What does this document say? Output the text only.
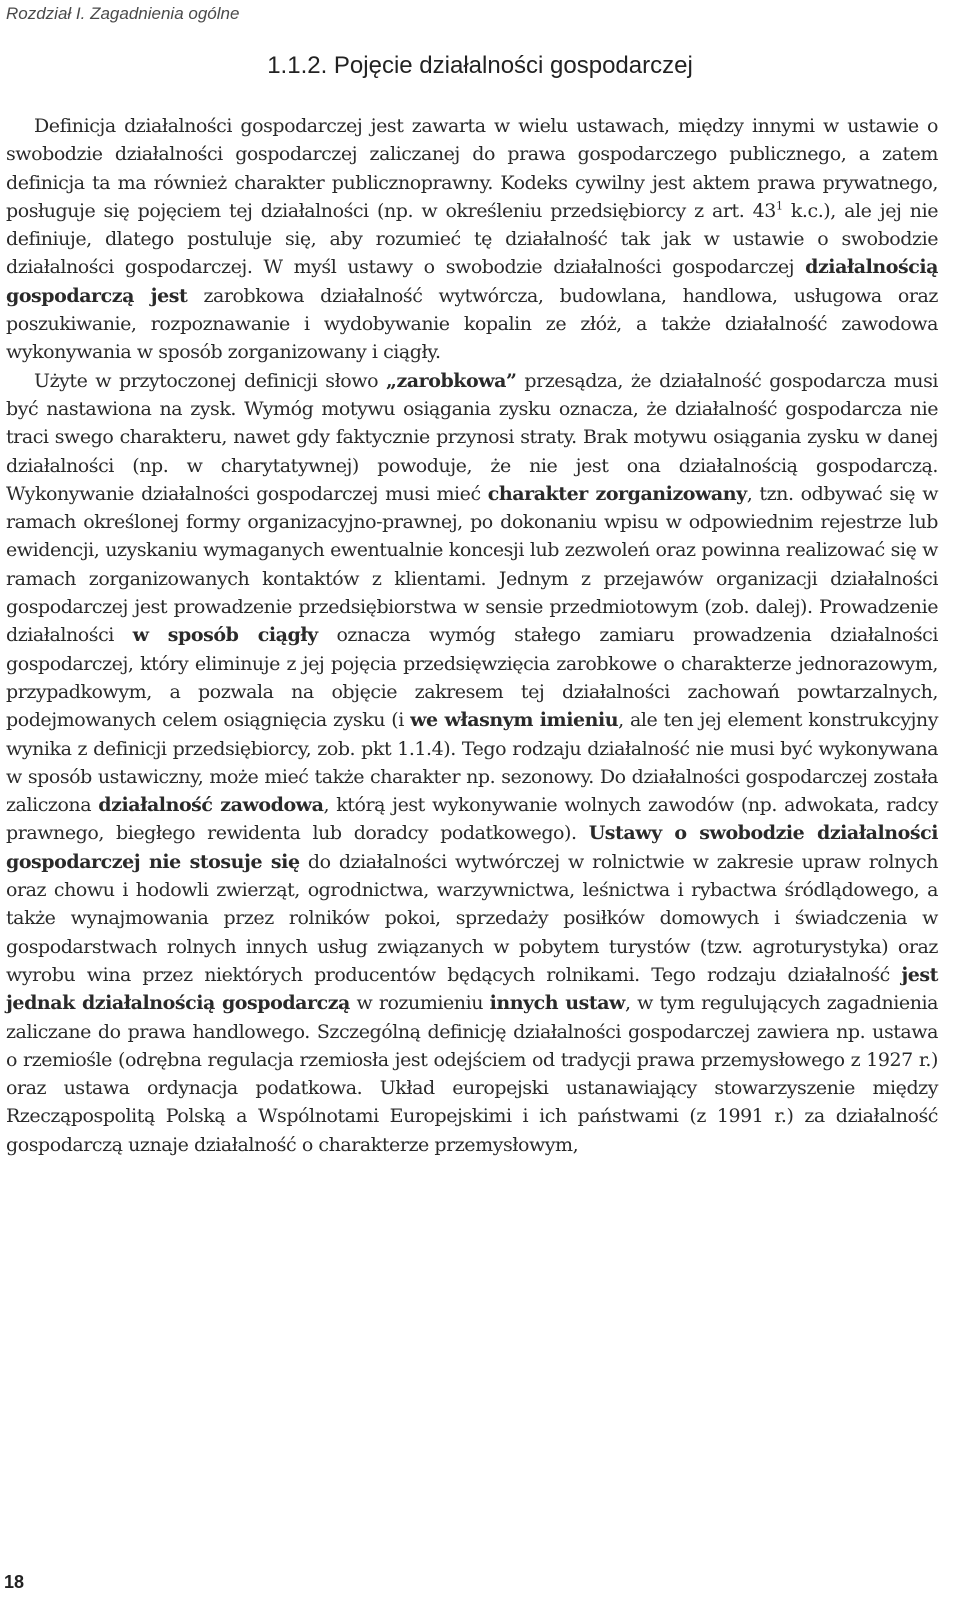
Rozdział I. Zagadnienia ogólne

1.1.2. Pojęcie działalności gospodarczej

Definicja działalności gospodarczej jest zawarta w wielu ustawach, między innymi w ustawie o swobodzie działalności gospodarczej zaliczanej do prawa gospodarczego publicznego, a zatem definicja ta ma również charakter publicznoprawny. Kodeks cywilny jest aktem prawa prywatnego, posługuje się pojęciem tej działalności (np. w określeniu przedsiębiorcy z art. $43^1$ k.c.), ale jej nie definiuje, dlatego postuluje się, aby rozumieć tę działalność tak jak w ustawie o swobodzie działalności gospodarczej. W myśl ustawy o swobodzie działalności gospodarczej działalnością gospodarczą jest zarobkowa działalność wytwórcza, budowlana, handlowa, usługowa oraz poszukiwanie, rozpoznawanie i wydobywanie kopalin ze złóż, a także działalność zawodowa wykonywania w sposób zorganizowany i ciągły.

Użyte w przytoczonej definicji słowo „zarobkowa” przesądza, że działalność gospodarcza musi być nastawiona na zysk. Wymóg motywu osiągania zysku oznacza, że działalność gospodarcza nie traci swego charakteru, nawet gdy faktycznie przynosi straty. Brak motywu osiągania zysku w danej działalności (np. w charytatywnej) powoduje, że nie jest ona działalnością gospodarczą. Wykonywanie działalności gospodarczej musi mieć charakter zorganizowany, tzn. odbywać się w ramach określonej formy organizacyjno-prawnej, po dokonaniu wpisu w odpowiednim rejestrze lub ewidencji, uzyskaniu wymaganych ewentualnie koncesji lub zezwoleń oraz powinna realizować się w ramach zorganizowanych kontaktów z klientami. Jednym z przejawów organizacji działalności gospodarczej jest prowadzenie przedsiębiorstwa w sensie przedmiotowym (zob. dalej). Prowadzenie działalności w sposób ciągły oznacza wymóg stałego zamiaru prowadzenia działalności gospodarczej, który eliminuje z jej pojęcia przedsięwzięcia zarobkowe o charakterze jednorazowym, przypadkowym, a pozwala na objęcie zakresem tej działalności zachowań powtarzalnych, podejmowanych celem osiągnięcia zysku (i we własnym imieniu, ale ten jej element konstrukcyjny wynika z definicji przedsiębiorcy, zob. pkt 1.1.4). Tego rodzaju działalność nie musi być wykonywana w sposób ustawiczny, może mieć także charakter np. sezonowy. Do działalności gospodarczej została zaliczona działalność zawodowa, którą jest wykonywanie wolnych zawodów (np. adwokata, radcy prawnego, biegłego rewidenta lub doradcy podatkowego). Ustawy o swobodzie działalności gospodarczej nie stosuje się do działalności wytwórczej w rolnictwie w zakresie upraw rolnych oraz chowu i hodowli zwierząt, ogrodnictwa, warzywnictwa, leśnictwa i rybactwa śródlądowego, a także wynajmowania przez rolników pokoi, sprzedaży posiłków domowych i świadczenia w gospodarstwach rolnych innych usług związanych w pobytem turystów (tzw. agroturystyka) oraz wyrobu wina przez niektórych producentów będących rolnikami. Tego rodzaju działalność jest jednak działalnością gospodarczą w rozumieniu innych ustaw, w tym regulujących zagadnienia zaliczane do prawa handlowego. Szczególną definicję działalności gospodarczej zawiera np. ustawa o rzemiośle (odrębna regulacja rzemiosła jest odejściem od tradycji prawa przemysłowego z 1927 r.) oraz ustawa ordynacja podatkowa. Układ europejski ustanawiający stowarzyszenie między Rzecząpospolitą Polską a Wspólnotami Europejskimi i ich państwami (z 1991 r.) za działalność gospodarczą uznaje działalność o charakterze przemysłowym,

18
